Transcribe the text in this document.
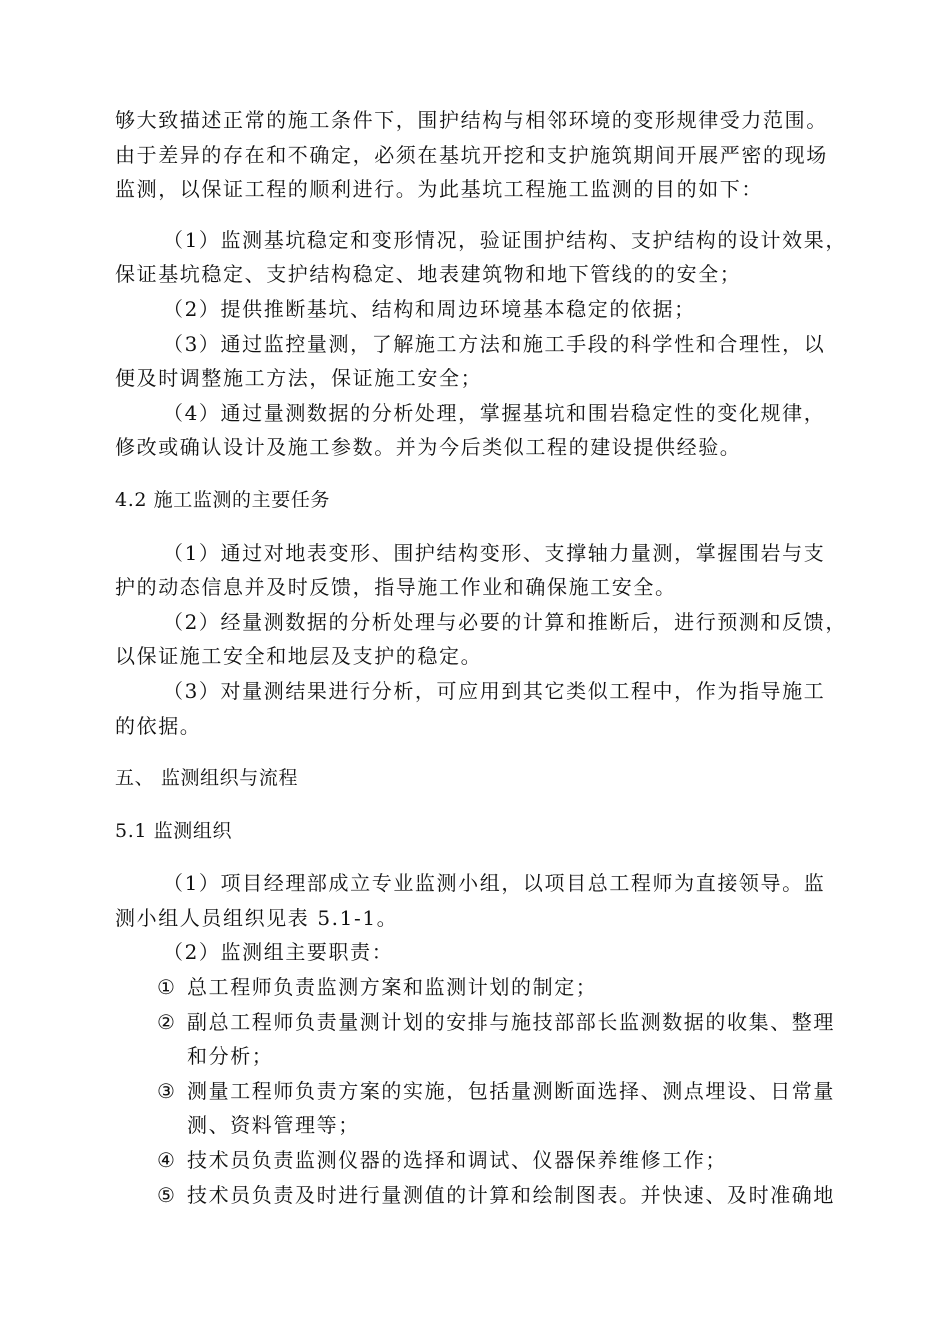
够大致描述正常的施工条件下，围护结构与相邻环境的变形规律受力范围。

由于差异的存在和不确定，必须在基坑开挖和支护施筑期间开展严密的现场

监测，以保证工程的顺利进行。为此基坑工程施工监测的目的如下：

（1）监测基坑稳定和变形情况，验证围护结构、支护结构的设计效果，

保证基坑稳定、支护结构稳定、地表建筑物和地下管线的的安全；

（2）提供推断基坑、结构和周边环境基本稳定的依据；

（3）通过监控量测，了解施工方法和施工手段的科学性和合理性，以

便及时调整施工方法，保证施工安全；

（4）通过量测数据的分析处理，掌握基坑和围岩稳定性的变化规律，

修改或确认设计及施工参数。并为今后类似工程的建设提供经验。

4.2 施工监测的主要任务

（1）通过对地表变形、围护结构变形、支撑轴力量测，掌握围岩与支

护的动态信息并及时反馈，指导施工作业和确保施工安全。

（2）经量测数据的分析处理与必要的计算和推断后，进行预测和反馈，

以保证施工安全和地层及支护的稳定。

（3）对量测结果进行分析，可应用到其它类似工程中，作为指导施工

的依据。

五、 监测组织与流程

5.1 监测组织

（1）项目经理部成立专业监测小组，以项目总工程师为直接领导。监

测小组人员组织见表 5.1-1。

（2）监测组主要职责：

① 总工程师负责监测方案和监测计划的制定；

② 副总工程师负责量测计划的安排与施技部部长监测数据的收集、整理

和分析；

③ 测量工程师负责方案的实施，包括量测断面选择、测点埋设、日常量

测、资料管理等；

④ 技术员负责监测仪器的选择和调试、仪器保养维修工作；

⑤ 技术员负责及时进行量测值的计算和绘制图表。并快速、及时准确地
